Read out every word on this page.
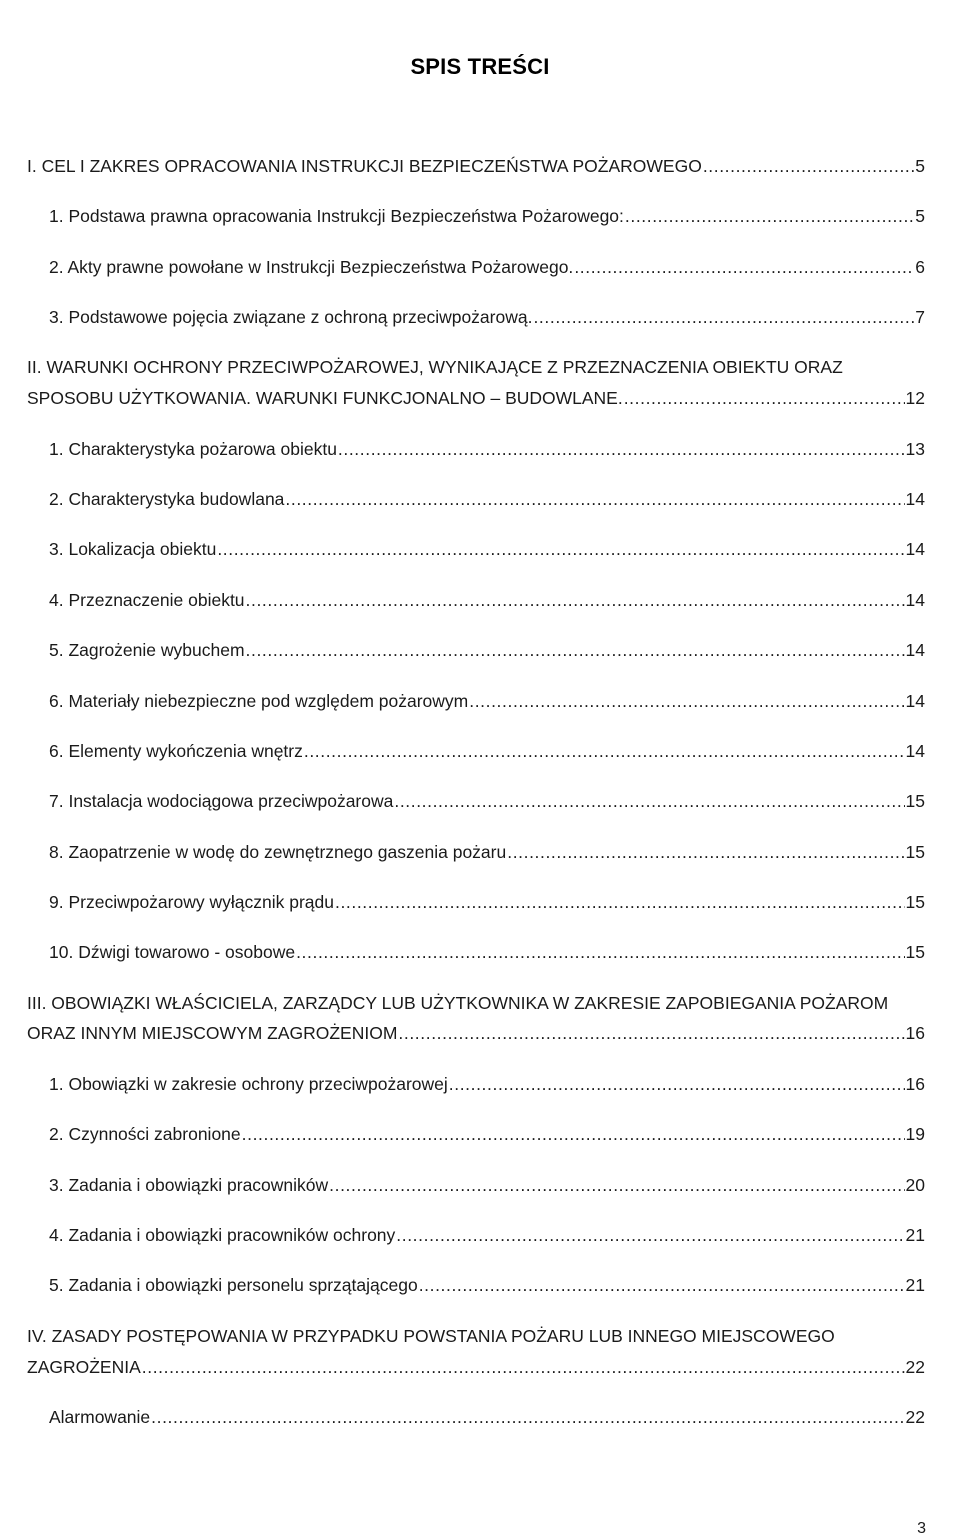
SPIS TREŚCI
I. CEL I ZAKRES OPRACOWANIA INSTRUKCJI BEZPIECZEŃSTWA POŻAROWEGO .....	5
1. Podstawa prawna opracowania Instrukcji Bezpieczeństwa Pożarowego: .....	5
2. Akty prawne powołane w Instrukcji Bezpieczeństwa Pożarowego. .....	6
3. Podstawowe pojęcia związane z ochroną przeciwpożarową. .....	7
II. WARUNKI OCHRONY PRZECIWPOŻAROWEJ, WYNIKAJĄCE Z PRZEZNACZENIA OBIEKTU ORAZ
SPOSOBU UŻYTKOWANIA. WARUNKI FUNKCJONALNO – BUDOWLANE. .....	12
1. Charakterystyka pożarowa obiektu .....	13
2. Charakterystyka budowlana .....	14
3. Lokalizacja obiektu .....	14
4. Przeznaczenie obiektu .....	14
5. Zagrożenie wybuchem .....	14
6. Materiały niebezpieczne pod względem pożarowym .....	14
6. Elementy wykończenia wnętrz .....	14
7. Instalacja wodociągowa przeciwpożarowa .....	15
8. Zaopatrzenie w wodę do zewnętrznego gaszenia pożaru .....	15
9. Przeciwpożarowy wyłącznik prądu .....	15
10. Dźwigi towarowo - osobowe .....	15
III. OBOWIĄZKI WŁAŚCICIELA, ZARZĄDCY LUB UŻYTKOWNIKA W ZAKRESIE ZAPOBIEGANIA POŻAROM
ORAZ INNYM MIEJSCOWYM ZAGROŻENIOM .....	16
1. Obowiązki w zakresie ochrony przeciwpożarowej .....	16
2. Czynności zabronione .....	19
3. Zadania i obowiązki pracowników .....	20
4. Zadania i obowiązki pracowników ochrony .....	21
5. Zadania i obowiązki personelu sprzątającego .....	21
IV. ZASADY POSTĘPOWANIA W PRZYPADKU POWSTANIA POŻARU LUB INNEGO MIEJSCOWEGO
ZAGROŻENIA .....	22
Alarmowanie .....	22
3
